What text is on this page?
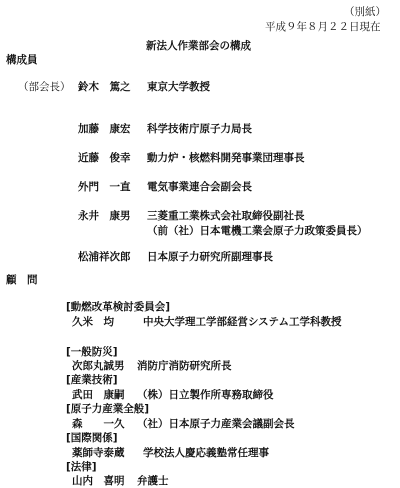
（別紙）
平成９年８月２２日現在
新法人作業部会の構成
構成員
（部会長） 鈴木　篤之 東京大学教授
加藤　康宏 科学技術庁原子力局長
近藤　俊幸 動力炉・核燃料開発事業団理事長
外門　一直 電気事業連合会副会長
永井　康男 三菱重工業株式会社取締役副社長
（前（社）日本電機工業会原子力政策委員長）
松浦祥次郎 日本原子力研究所副理事長
顧　問
[動燃改革検討委員会]
久米　均	中央大学理工学部経営システム工学科教授
[一般防災]
次郎丸誠男 消防庁消防研究所長
[産業技術]
武田　康嗣 （株）日立製作所専務取締役
[原子力産業全般]
森　　一久 （社）日本原子力産業会議副会長
[国際関係]
薬師寺泰蔵 学校法人慶応義塾常任理事
[法律]
山内　喜明 弁護士
